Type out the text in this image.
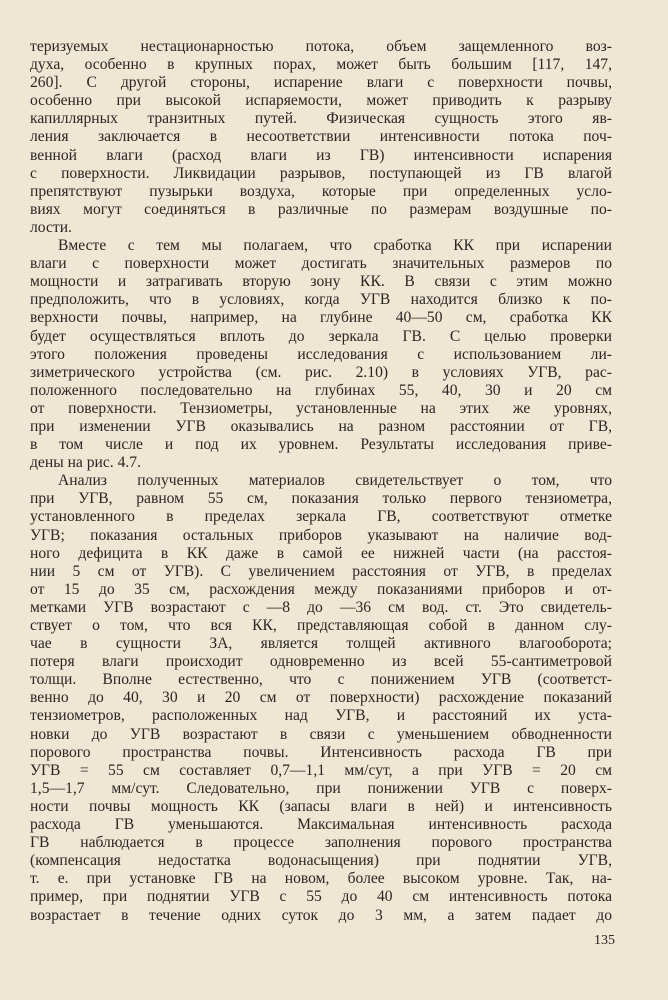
теризуемых нестационарностью потока, объем защемленного воз-
духа, особенно в крупных порах, может быть большим [117, 147,
260]. С другой стороны, испарение влаги с поверхности почвы,
особенно при высокой испаряемости, может приводить к разрыву
капиллярных транзитных путей. Физическая сущность этого яв-
ления заключается в несоответствии интенсивности потока поч-
венной влаги (расход влаги из ГВ) интенсивности испарения
с поверхности. Ликвидации разрывов, поступающей из ГВ влагой
препятствуют пузырьки воздуха, которые при определенных усло-
виях могут соединяться в различные по размерам воздушные по-
лости.
Вместе с тем мы полагаем, что сработка КК при испарении
влаги с поверхности может достигать значительных размеров по
мощности и затрагивать вторую зону КК. В связи с этим можно
предположить, что в условиях, когда УГВ находится близко к по-
верхности почвы, например, на глубине 40—50 см, сработка КК
будет осуществляться вплоть до зеркала ГВ. С целью проверки
этого положения проведены исследования с использованием ли-
зиметрического устройства (см. рис. 2.10) в условиях УГВ, рас-
положенного последовательно на глубинах 55, 40, 30 и 20 см
от поверхности. Тензиометры, установленные на этих же уровнях,
при изменении УГВ оказывались на разном расстоянии от ГВ,
в том числе и под их уровнем. Результаты исследования приве-
дены на рис. 4.7.
Анализ полученных материалов свидетельствует о том, что
при УГВ, равном 55 см, показания только первого тензиометра,
установленного в пределах зеркала ГВ, соответствуют отметке
УГВ; показания остальных приборов указывают на наличие вод-
ного дефицита в КК даже в самой ее нижней части (на расстоя-
нии 5 см от УГВ). С увеличением расстояния от УГВ, в пределах
от 15 до 35 см, расхождения между показаниями приборов и от-
метками УГВ возрастают с —8 до —36 см вод. ст. Это свидетель-
ствует о том, что вся КК, представляющая собой в данном слу-
чае в сущности ЗА, является толщей активного влагооборота;
потеря влаги происходит одновременно из всей 55-сантиметровой
толщи. Вполне естественно, что с понижением УГВ (соответст-
венно до 40, 30 и 20 см от поверхности) расхождение показаний
тензиометров, расположенных над УГВ, и расстояний их уста-
новки до УГВ возрастают в связи с уменьшением обводненности
порового пространства почвы. Интенсивность расхода ГВ при
УГВ = 55 см составляет 0,7—1,1 мм/сут, а при УГВ = 20 см
1,5—1,7 мм/сут. Следовательно, при понижении УГВ с поверх-
ности почвы мощность КК (запасы влаги в ней) и интенсивность
расхода ГВ уменьшаются. Максимальная интенсивность расхода
ГВ наблюдается в процессе заполнения порового пространства
(компенсация недостатка водонасыщения) при поднятии УГВ,
т. е. при установке ГВ на новом, более высоком уровне. Так, на-
пример, при поднятии УГВ с 55 до 40 см интенсивность потока
возрастает в течение одних суток до 3 мм, а затем падает до
135
